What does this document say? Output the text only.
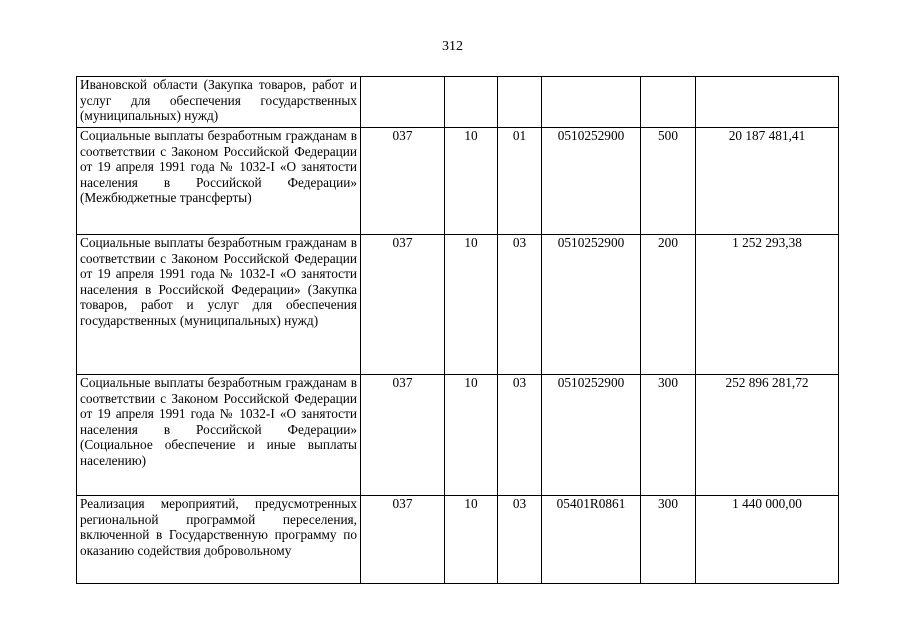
312
Ивановской области (Закупка товаров, работ и услуг для обеспечения государственных (муниципальных) нужд)						
Социальные выплаты безработным гражданам в соответствии с Законом Российской Федерации от 19 апреля 1991 года № 1032-I «О занятости населения в Российской Федерации» (Межбюджетные трансферты)	037	10	01	0510252900	500	20 187 481,41
Социальные выплаты безработным гражданам в соответствии с Законом Российской Федерации от 19 апреля 1991 года № 1032-I «О занятости населения в Российской Федерации» (Закупка товаров, работ и услуг для обеспечения государственных (муниципальных) нужд)	037	10	03	0510252900	200	1 252 293,38
Социальные выплаты безработным гражданам в соответствии с Законом Российской Федерации от 19 апреля 1991 года № 1032-I «О занятости населения в Российской Федерации» (Социальное обеспечение и иные выплаты населению)	037	10	03	0510252900	300	252 896 281,72
Реализация мероприятий, предусмотренных региональной программой переселения, включенной в Государственную программу по оказанию содействия добровольному	037	10	03	05401R0861	300	1 440 000,00
